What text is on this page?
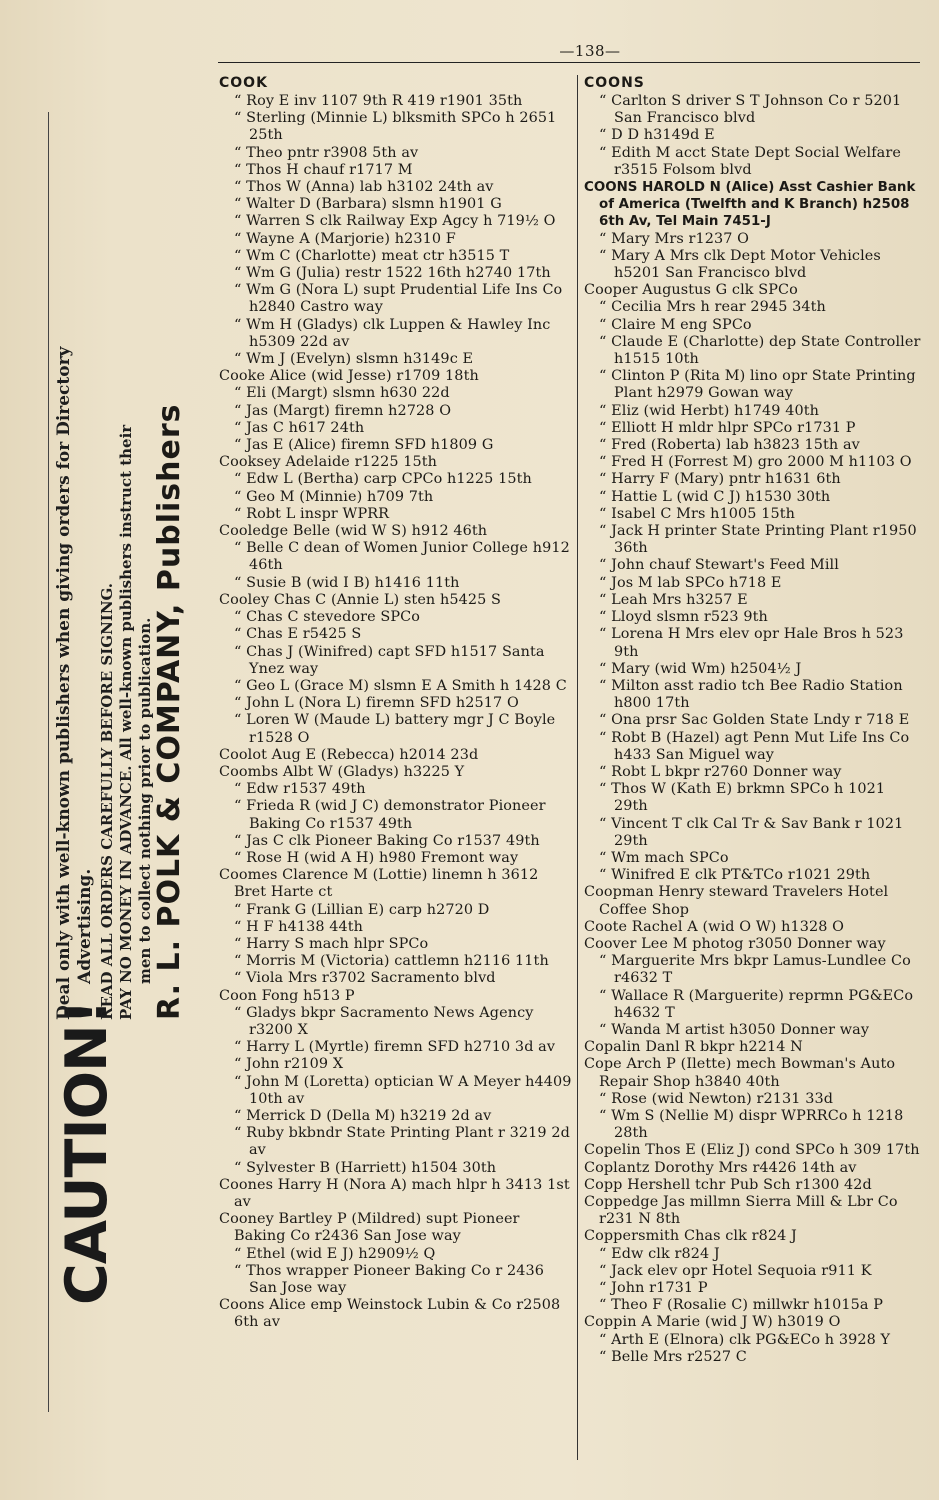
—138—
CAUTION!
Deal only with well-known publishers when giving orders for Directory Advertising. READ ALL ORDERS CAREFULLY BEFORE SIGNING. PAY NO MONEY IN ADVANCE. All well-known publishers instruct their men to collect nothing prior to publication.
R. L. POLK & COMPANY, Publishers
COOK
“ Roy E inv 1107 9th R 419 r1901 35th
“ Sterling (Minnie L) blksmith SPCo h 2651 25th
“ Theo pntr r3908 5th av
“ Thos H chauf r1717 M
“ Thos W (Anna) lab h3102 24th av
“ Walter D (Barbara) slsmn h1901 G
“ Warren S clk Railway Exp Agcy h 719½ O
“ Wayne A (Marjorie) h2310 F
“ Wm C (Charlotte) meat ctr h3515 T
“ Wm G (Julia) restr 1522 16th h2740 17th
“ Wm G (Nora L) supt Prudential Life Ins Co h2840 Castro way
“ Wm H (Gladys) clk Luppen & Hawley Inc h5309 22d av
“ Wm J (Evelyn) slsmn h3149c E
Cooke Alice (wid Jesse) r1709 18th
“ Eli (Margt) slsmn h630 22d
“ Jas (Margt) firemn h2728 O
“ Jas C h617 24th
“ Jas E (Alice) firemn SFD h1809 G
Cooksey Adelaide r1225 15th
“ Edw L (Bertha) carp CPCo h1225 15th
“ Geo M (Minnie) h709 7th
“ Robt L inspr WPRR
Cooledge Belle (wid W S) h912 46th
“ Belle C dean of Women Junior College h912 46th
“ Susie B (wid I B) h1416 11th
Cooley Chas C (Annie L) sten h5425 S
“ Chas C stevedore SPCo
“ Chas E r5425 S
“ Chas J (Winifred) capt SFD h1517 Santa Ynez way
“ Geo L (Grace M) slsmn E A Smith h 1428 C
“ John L (Nora L) firemn SFD h2517 O
“ Loren W (Maude L) battery mgr J C Boyle r1528 O
Coolot Aug E (Rebecca) h2014 23d
Coombs Albt W (Gladys) h3225 Y
“ Edw r1537 49th
“ Frieda R (wid J C) demonstrator Pioneer Baking Co r1537 49th
“ Jas C clk Pioneer Baking Co r1537 49th
“ Rose H (wid A H) h980 Fremont way
Coomes Clarence M (Lottie) linemn h 3612 Bret Harte ct
“ Frank G (Lillian E) carp h2720 D
“ H F h4138 44th
“ Harry S mach hlpr SPCo
“ Morris M (Victoria) cattlemn h2116 11th
“ Viola Mrs r3702 Sacramento blvd
Coon Fong h513 P
“ Gladys bkpr Sacramento News Agency r3200 X
“ Harry L (Myrtle) firemn SFD h2710 3d av
“ John r2109 X
“ John M (Loretta) optician W A Meyer h4409 10th av
“ Merrick D (Della M) h3219 2d av
“ Ruby bkbndr State Printing Plant r 3219 2d av
“ Sylvester B (Harriett) h1504 30th
Coones Harry H (Nora A) mach hlpr h 3413 1st av
Cooney Bartley P (Mildred) supt Pioneer Baking Co r2436 San Jose way
“ Ethel (wid E J) h2909½ Q
“ Thos wrapper Pioneer Baking Co r 2436 San Jose way
Coons Alice emp Weinstock Lubin & Co r2508 6th av
COONS
“ Carlton S driver S T Johnson Co r 5201 San Francisco blvd
“ D D h3149d E
“ Edith M acct State Dept Social Welfare r3515 Folsom blvd
COONS HAROLD N (Alice) Asst Cashier Bank of America (Twelfth and K Branch) h2508 6th Av, Tel Main 7451-J
“ Mary Mrs r1237 O
“ Mary A Mrs clk Dept Motor Vehicles h5201 San Francisco blvd
Cooper Augustus G clk SPCo
“ Cecilia Mrs h rear 2945 34th
“ Claire M eng SPCo
“ Claude E (Charlotte) dep State Controller h1515 10th
“ Clinton P (Rita M) lino opr State Printing Plant h2979 Gowan way
“ Eliz (wid Herbt) h1749 40th
“ Elliott H mldr hlpr SPCo r1731 P
“ Fred (Roberta) lab h3823 15th av
“ Fred H (Forrest M) gro 2000 M h1103 O
“ Harry F (Mary) pntr h1631 6th
“ Hattie L (wid C J) h1530 30th
“ Isabel C Mrs h1005 15th
“ Jack H printer State Printing Plant r1950 36th
“ John chauf Stewart's Feed Mill
“ Jos M lab SPCo h718 E
“ Leah Mrs h3257 E
“ Lloyd slsmn r523 9th
“ Lorena H Mrs elev opr Hale Bros h 523 9th
“ Mary (wid Wm) h2504½ J
“ Milton asst radio tch Bee Radio Station h800 17th
“ Ona prsr Sac Golden State Lndy r 718 E
“ Robt B (Hazel) agt Penn Mut Life Ins Co h433 San Miguel way
“ Robt L bkpr r2760 Donner way
“ Thos W (Kath E) brkmn SPCo h 1021 29th
“ Vincent T clk Cal Tr & Sav Bank r 1021 29th
“ Wm mach SPCo
“ Winifred E clk PT&TCo r1021 29th
Coopman Henry steward Travelers Hotel Coffee Shop
Coote Rachel A (wid O W) h1328 O
Coover Lee M photog r3050 Donner way
“ Marguerite Mrs bkpr Lamus-Lundlee Co r4632 T
“ Wallace R (Marguerite) reprmn PG&ECo h4632 T
“ Wanda M artist h3050 Donner way
Copalin Danl R bkpr h2214 N
Cope Arch P (Ilette) mech Bowman's Auto Repair Shop h3840 40th
“ Rose (wid Newton) r2131 33d
“ Wm S (Nellie M) dispr WPRRCo h 1218 28th
Copelin Thos E (Eliz J) cond SPCo h 309 17th
Coplantz Dorothy Mrs r4426 14th av
Copp Hershell tchr Pub Sch r1300 42d
Coppedge Jas millmn Sierra Mill & Lbr Co r231 N 8th
Coppersmith Chas clk r824 J
“ Edw clk r824 J
“ Jack elev opr Hotel Sequoia r911 K
“ John r1731 P
“ Theo F (Rosalie C) millwkr h1015a P
Coppin A Marie (wid J W) h3019 O
“ Arth E (Elnora) clk PG&ECo h 3928 Y
“ Belle Mrs r2527 C
